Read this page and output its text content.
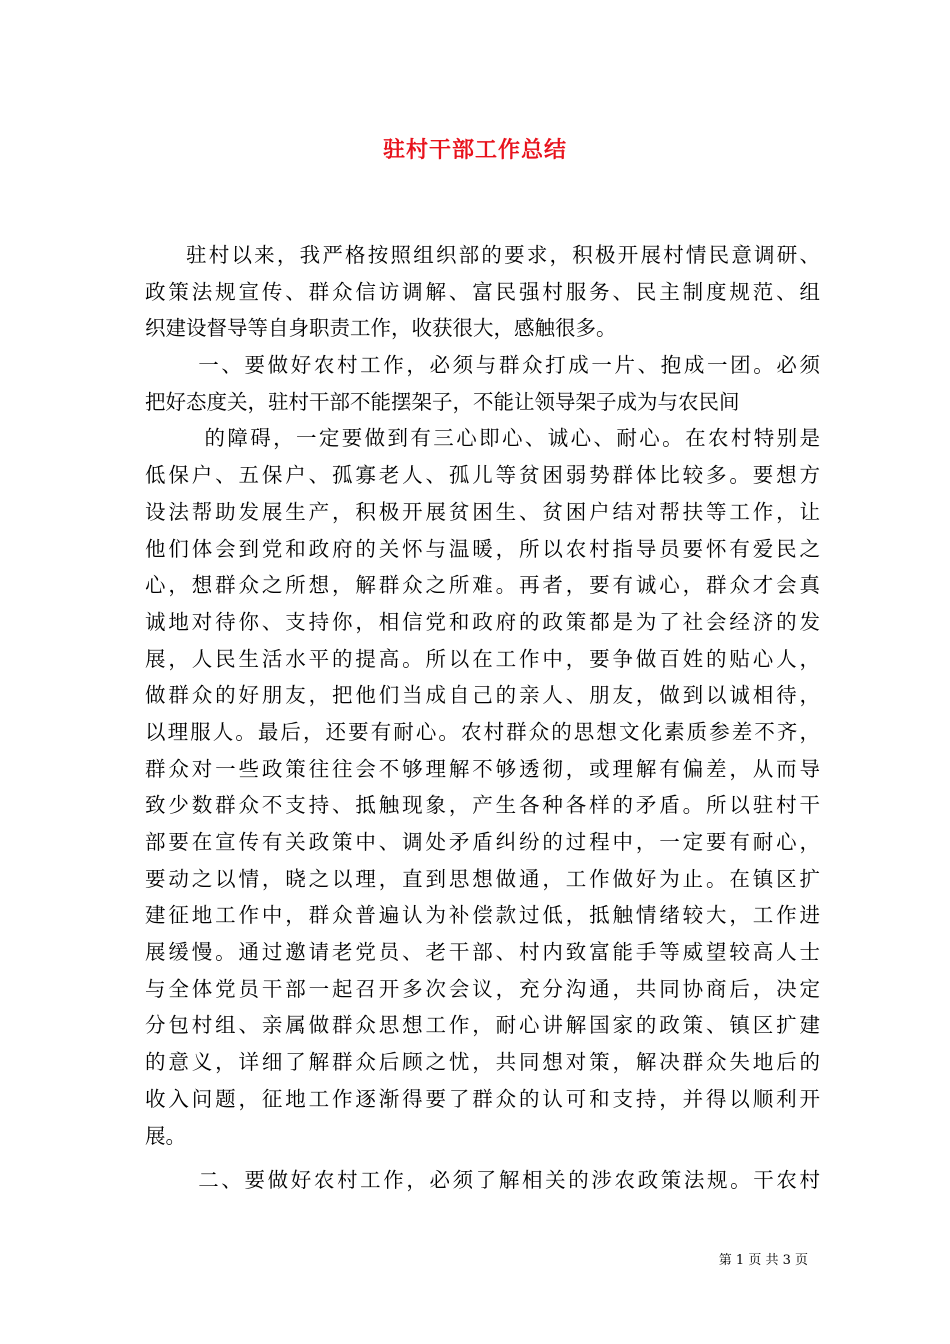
驻村干部工作总结
驻村以来，我严格按照组织部的要求，积极开展村情民意调研、
政策法规宣传、群众信访调解、富民强村服务、民主制度规范、组
织建设督导等自身职责工作，收获很大，感触很多。
一、要做好农村工作，必须与群众打成一片、抱成一团。必须
把好态度关，驻村干部不能摆架子，不能让领导架子成为与农民间
的障碍，一定要做到有三心即心、诚心、耐心。在农村特别是
低保户、五保户、孤寡老人、孤儿等贫困弱势群体比较多。要想方
设法帮助发展生产，积极开展贫困生、贫困户结对帮扶等工作，让
他们体会到党和政府的关怀与温暖，所以农村指导员要怀有爱民之
心，想群众之所想，解群众之所难。再者，要有诚心，群众才会真
诚地对待你、支持你，相信党和政府的政策都是为了社会经济的发
展，人民生活水平的提高。所以在工作中，要争做百姓的贴心人，
做群众的好朋友，把他们当成自己的亲人、朋友，做到以诚相待，
以理服人。最后，还要有耐心。农村群众的思想文化素质参差不齐，
群众对一些政策往往会不够理解不够透彻，或理解有偏差，从而导
致少数群众不支持、抵触现象，产生各种各样的矛盾。所以驻村干
部要在宣传有关政策中、调处矛盾纠纷的过程中，一定要有耐心，
要动之以情，晓之以理，直到思想做通，工作做好为止。在镇区扩
建征地工作中，群众普遍认为补偿款过低，抵触情绪较大，工作进
展缓慢。通过邀请老党员、老干部、村内致富能手等威望较高人士
与全体党员干部一起召开多次会议，充分沟通，共同协商后，决定
分包村组、亲属做群众思想工作，耐心讲解国家的政策、镇区扩建
的意义，详细了解群众后顾之忧，共同想对策，解决群众失地后的
收入问题，征地工作逐渐得要了群众的认可和支持，并得以顺利开
展。
二、要做好农村工作，必须了解相关的涉农政策法规。干农村
第 1 页 共 3 页
